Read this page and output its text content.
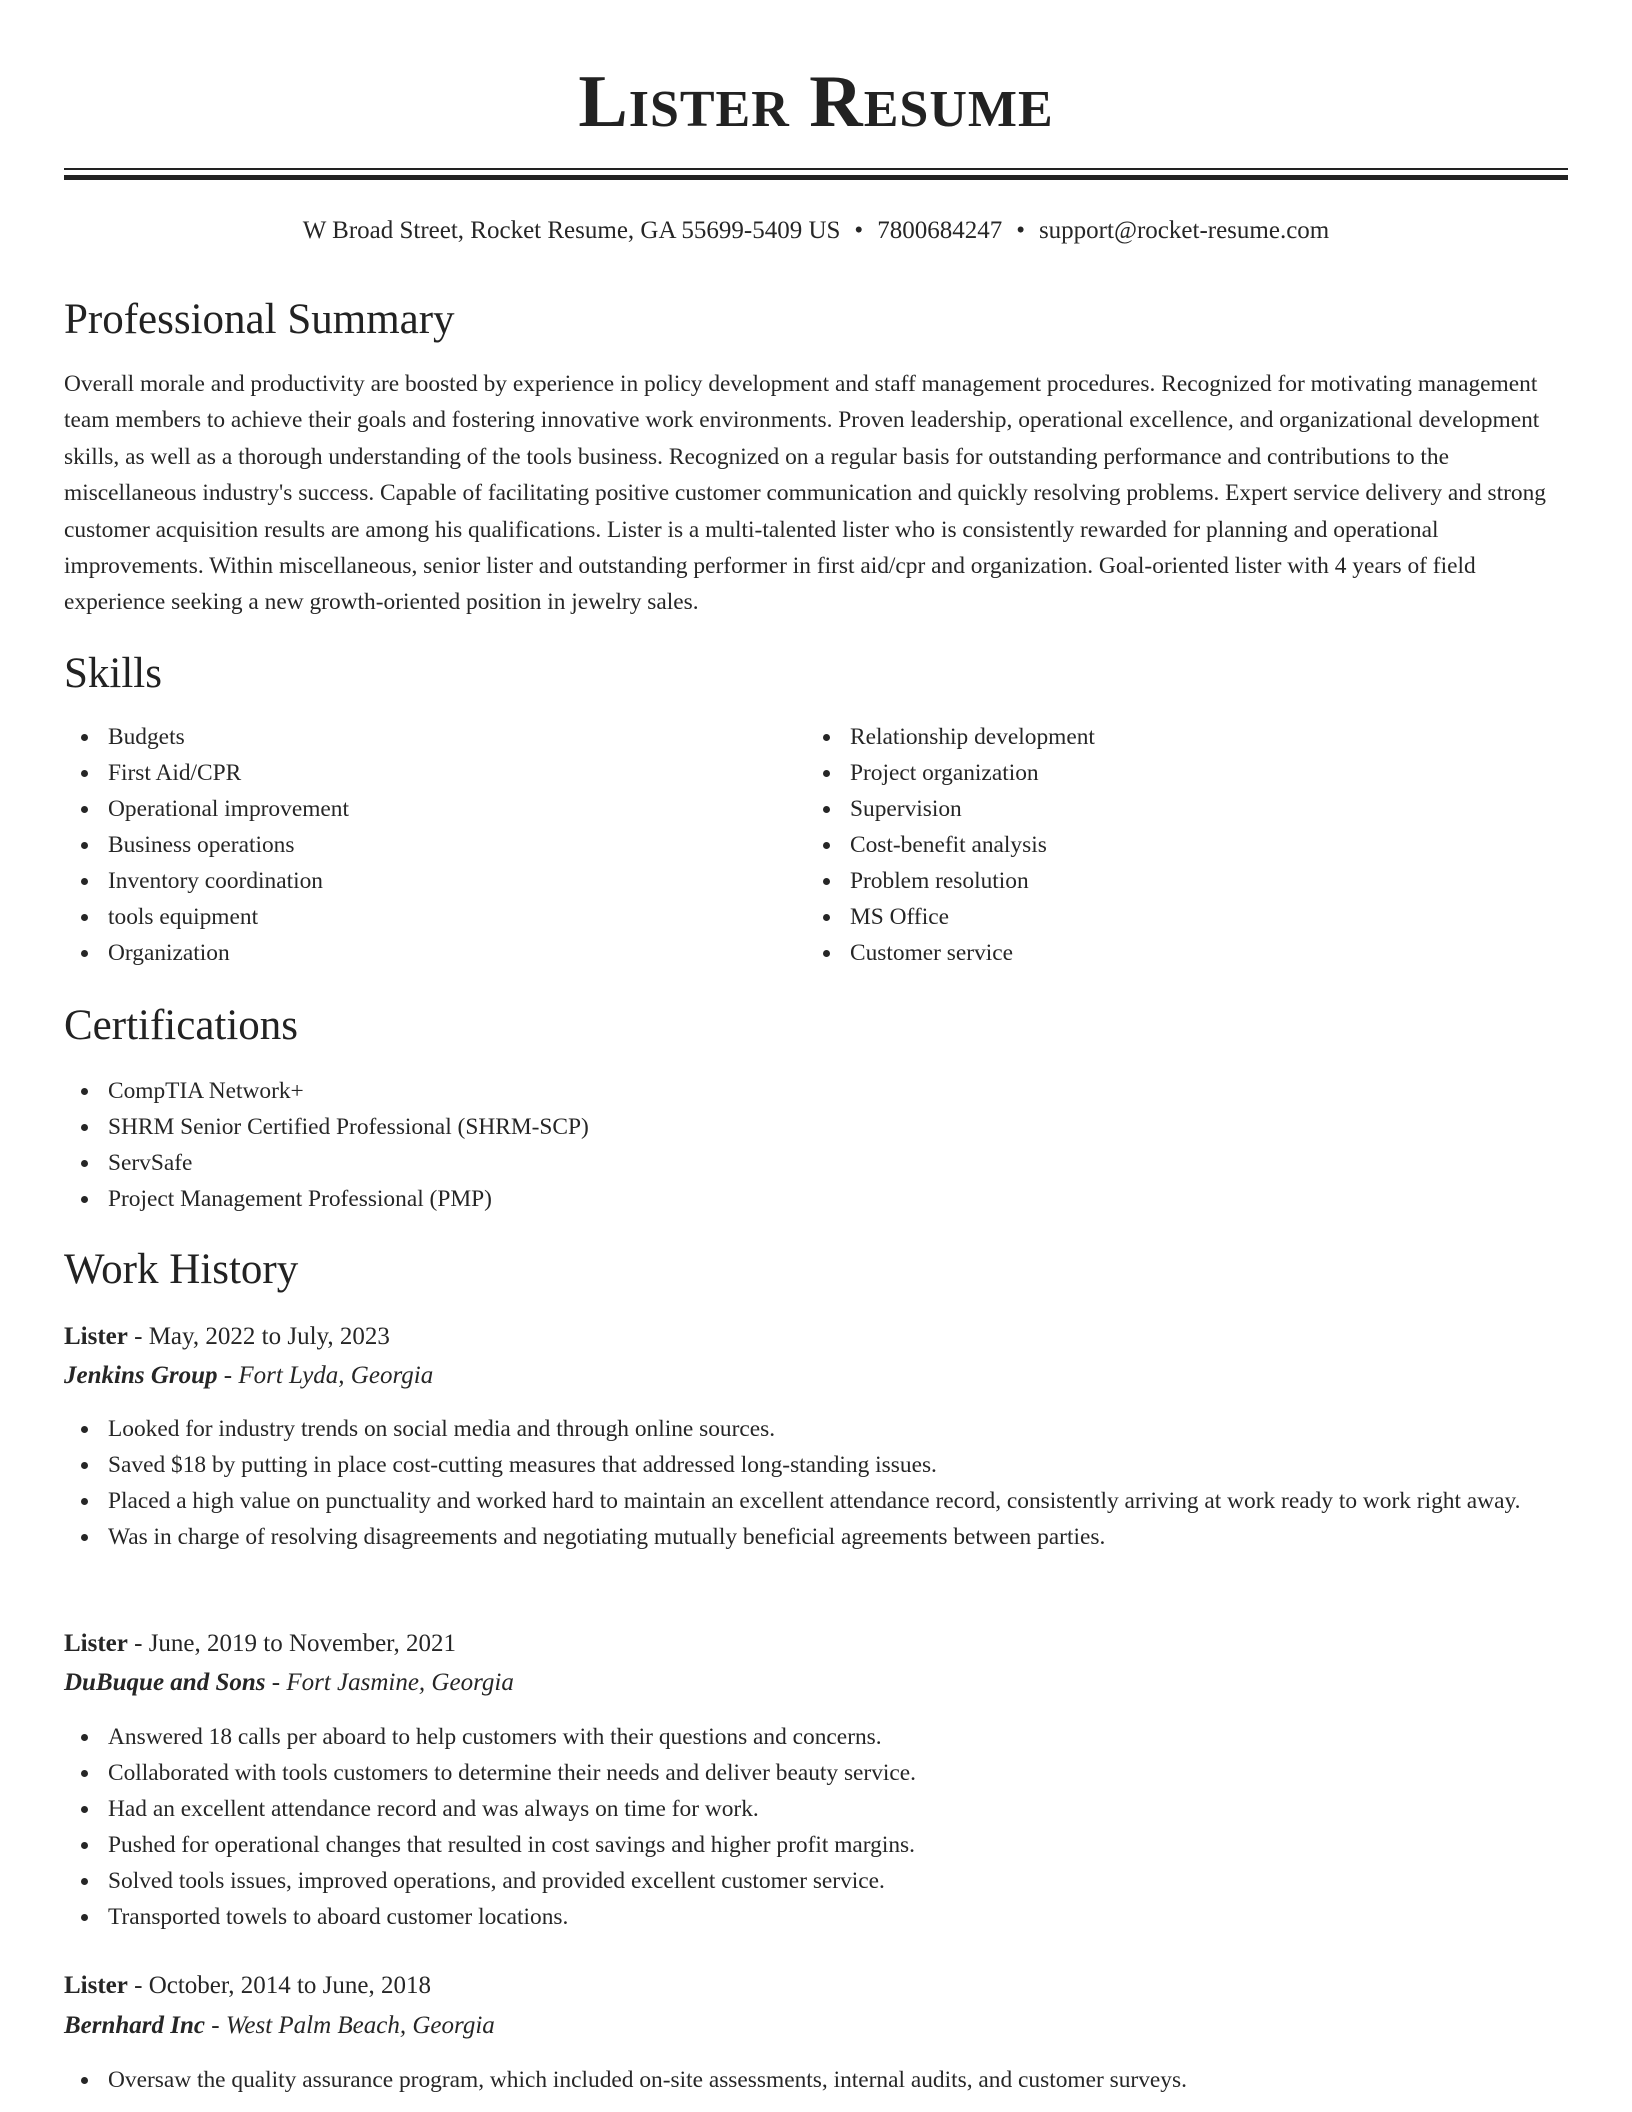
Lister Resume
W Broad Street, Rocket Resume, GA 55699-5409 US • 7800684247 • support@rocket-resume.com
Professional Summary
Overall morale and productivity are boosted by experience in policy development and staff management procedures. Recognized for motivating management team members to achieve their goals and fostering innovative work environments. Proven leadership, operational excellence, and organizational development skills, as well as a thorough understanding of the tools business. Recognized on a regular basis for outstanding performance and contributions to the miscellaneous industry's success. Capable of facilitating positive customer communication and quickly resolving problems. Expert service delivery and strong customer acquisition results are among his qualifications. Lister is a multi-talented lister who is consistently rewarded for planning and operational improvements. Within miscellaneous, senior lister and outstanding performer in first aid/cpr and organization. Goal-oriented lister with 4 years of field experience seeking a new growth-oriented position in jewelry sales.
Skills
Budgets
First Aid/CPR
Operational improvement
Business operations
Inventory coordination
tools equipment
Organization
Relationship development
Project organization
Supervision
Cost-benefit analysis
Problem resolution
MS Office
Customer service
Certifications
CompTIA Network+
SHRM Senior Certified Professional (SHRM-SCP)
ServSafe
Project Management Professional (PMP)
Work History
Lister - May, 2022 to July, 2023
Jenkins Group - Fort Lyda, Georgia
Looked for industry trends on social media and through online sources.
Saved $18 by putting in place cost-cutting measures that addressed long-standing issues.
Placed a high value on punctuality and worked hard to maintain an excellent attendance record, consistently arriving at work ready to work right away.
Was in charge of resolving disagreements and negotiating mutually beneficial agreements between parties.
Lister - June, 2019 to November, 2021
DuBuque and Sons - Fort Jasmine, Georgia
Answered 18 calls per aboard to help customers with their questions and concerns.
Collaborated with tools customers to determine their needs and deliver beauty service.
Had an excellent attendance record and was always on time for work.
Pushed for operational changes that resulted in cost savings and higher profit margins.
Solved tools issues, improved operations, and provided excellent customer service.
Transported towels to aboard customer locations.
Lister - October, 2014 to June, 2018
Bernhard Inc - West Palm Beach, Georgia
Oversaw the quality assurance program, which included on-site assessments, internal audits, and customer surveys.
